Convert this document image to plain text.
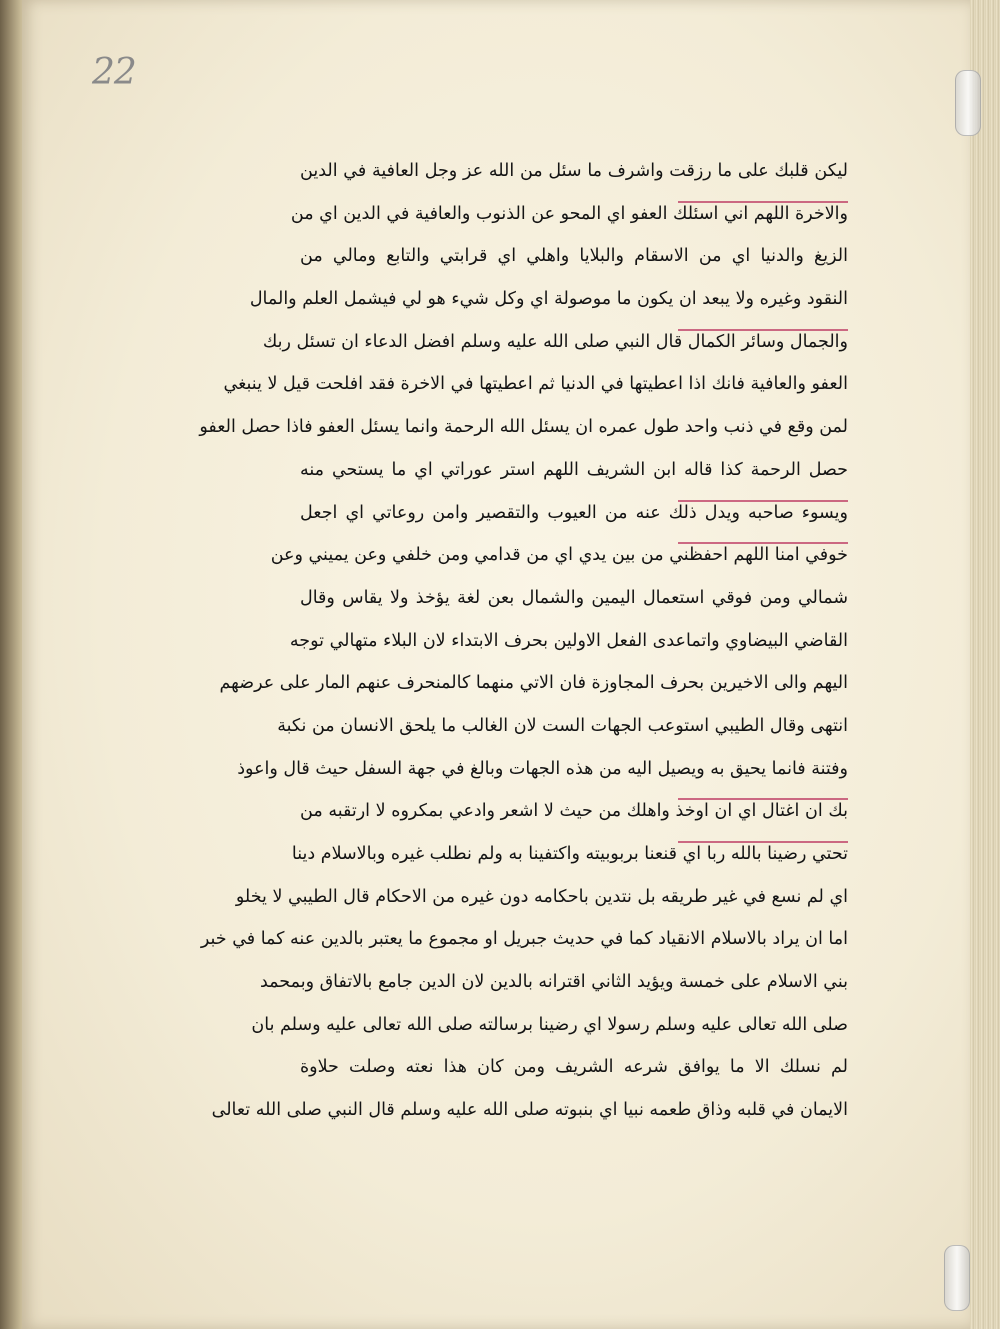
22
ليكن قلبك على ما رزقت واشرف ما سئل من الله عز وجل العافية في الدين
والاخرة اللهم اني اسئلك العفو اي المحو عن الذنوب والعافية في الدين اي من
الزيغ والدنيا اي من الاسقام والبلايا واهلي اي قرابتي والتابع ومالي من
النقود وغيره ولا يبعد ان يكون ما موصولة اي وكل شيء هو لي فيشمل العلم والمال
والجمال وسائر الكمال قال النبي صلى الله عليه وسلم افضل الدعاء ان تسئل ربك
العفو والعافية فانك اذا اعطيتها في الدنيا ثم اعطيتها في الاخرة فقد افلحت قيل لا ينبغي
لمن وقع في ذنب واحد طول عمره ان يسئل الله الرحمة وانما يسئل العفو فاذا حصل العفو
حصل الرحمة كذا قاله ابن الشريف اللهم استر عوراتي اي ما يستحي منه
ويسوء صاحبه ويدل ذلك عنه من العيوب والتقصير وامن روعاتي اي اجعل
خوفي امنا اللهم احفظني من بين يدي اي من قدامي ومن خلفي وعن يميني وعن
شمالي ومن فوقي استعمال اليمين والشمال بعن لغة يؤخذ ولا يقاس وقال
القاضي البيضاوي واتماعدى الفعل الاولين بحرف الابتداء لان البلاء متهالي توجه
اليهم والى الاخيرين بحرف المجاوزة فان الاتي منهما كالمنحرف عنهم المار على عرضهم
انتهى وقال الطيبي استوعب الجهات الست لان الغالب ما يلحق الانسان من نكبة
وفتنة فانما يحيق به ويصيل اليه من هذه الجهات وبالغ في جهة السفل حيث قال واعوذ
بك ان اغتال اي ان اوخذ واهلك من حيث لا اشعر وادعي بمكروه لا ارتقبه من
تحتي رضينا بالله ربا اي قنعنا بربوبيته واكتفينا به ولم نطلب غيره وبالاسلام دينا
اي لم نسع في غير طريقه بل نتدين باحكامه دون غيره من الاحكام قال الطيبي لا يخلو
اما ان يراد بالاسلام الانقياد كما في حديث جبريل او مجموع ما يعتبر بالدين عنه كما في خبر
بني الاسلام على خمسة ويؤيد الثاني اقترانه بالدين لان الدين جامع بالاتفاق وبمحمد
صلى الله تعالى عليه وسلم رسولا اي رضينا برسالته صلى الله تعالى عليه وسلم بان
لم نسلك الا ما يوافق شرعه الشريف ومن كان هذا نعته وصلت حلاوة
الايمان في قلبه وذاق طعمه نبيا اي بنبوته صلى الله عليه وسلم قال النبي صلى الله تعالى
